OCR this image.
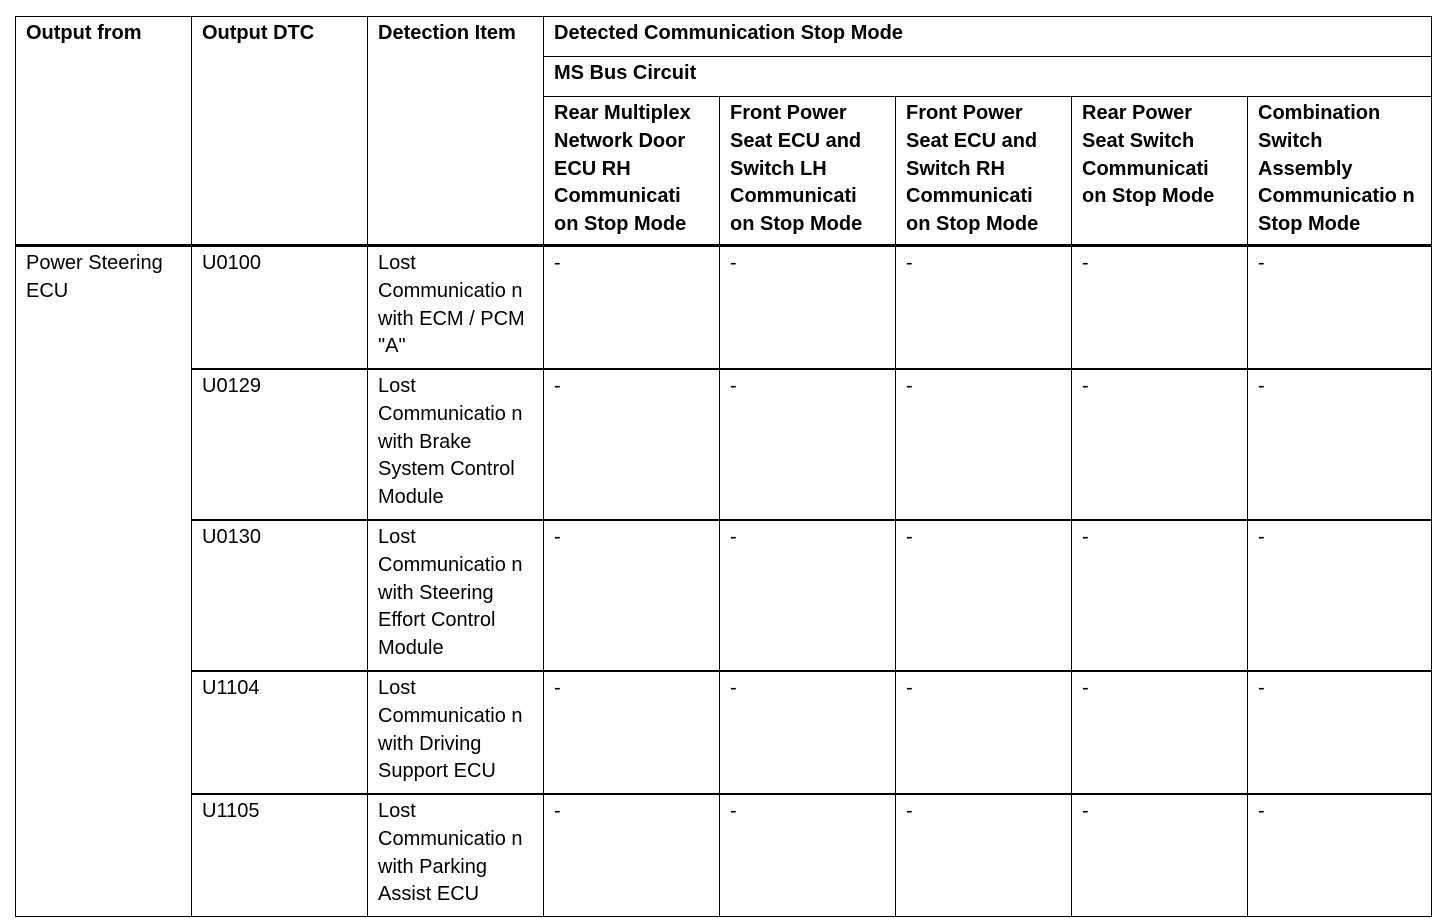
Output from	Output DTC	Detection Item	Detected Communication Stop Mode				
			MS Bus Circuit				
			Rear Multiplex Network Door ECU RH Communicati on Stop Mode	Front Power Seat ECU and Switch LH Communicati on Stop Mode	Front Power Seat ECU and Switch RH Communicati on Stop Mode	Rear Power Seat Switch Communicati on Stop Mode	Combination Switch Assembly Communicatio n Stop Mode
Power Steering ECU	U0100	Lost Communicatio n with ECM / PCM "A"	-	-	-	-	-
	U0129	Lost Communicatio n with Brake System Control Module	-	-	-	-	-
	U0130	Lost Communicatio n with Steering Effort Control Module	-	-	-	-	-
	U1104	Lost Communicatio n with Driving Support ECU	-	-	-	-	-
	U1105	Lost Communicatio n with Parking Assist ECU	-	-	-	-	-
